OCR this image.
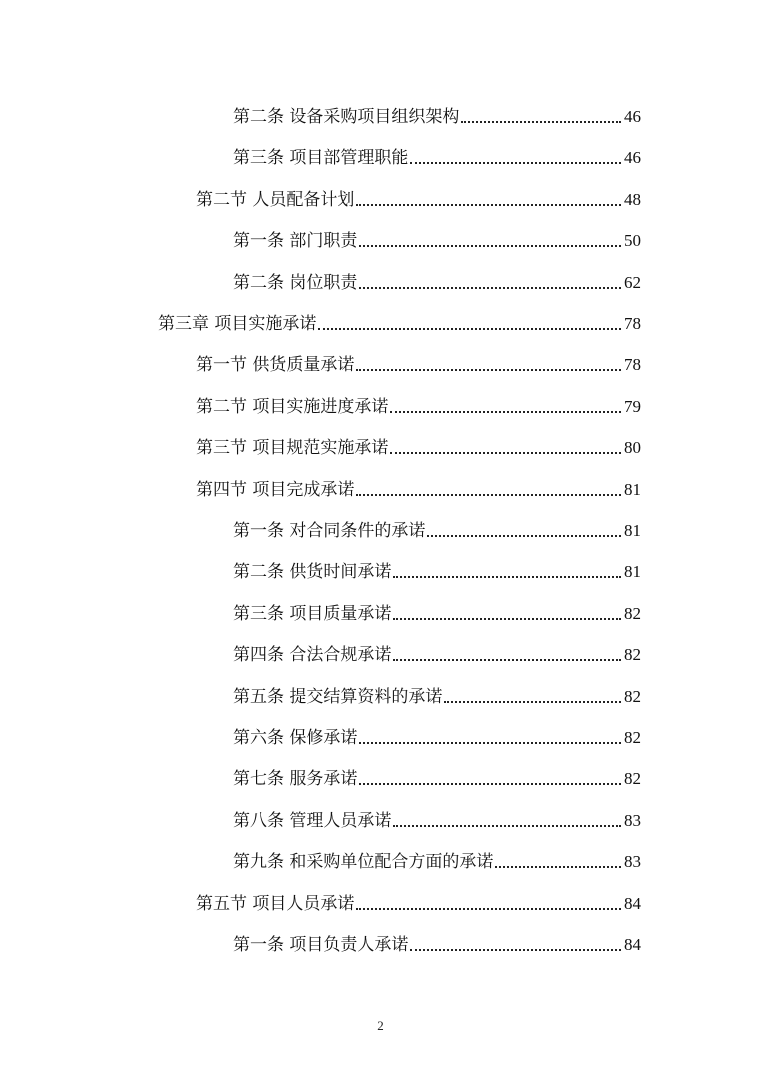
第二条 设备采购项目组织架构	46
第三条 项目部管理职能	46
第二节 人员配备计划	48
第一条 部门职责	50
第二条 岗位职责	62
第三章 项目实施承诺	78
第一节 供货质量承诺	78
第二节 项目实施进度承诺	79
第三节 项目规范实施承诺	80
第四节 项目完成承诺	81
第一条 对合同条件的承诺	81
第二条 供货时间承诺	81
第三条 项目质量承诺	82
第四条 合法合规承诺	82
第五条 提交结算资料的承诺	82
第六条 保修承诺	82
第七条 服务承诺	82
第八条 管理人员承诺	83
第九条 和采购单位配合方面的承诺	83
第五节 项目人员承诺	84
第一条 项目负责人承诺	84
2
